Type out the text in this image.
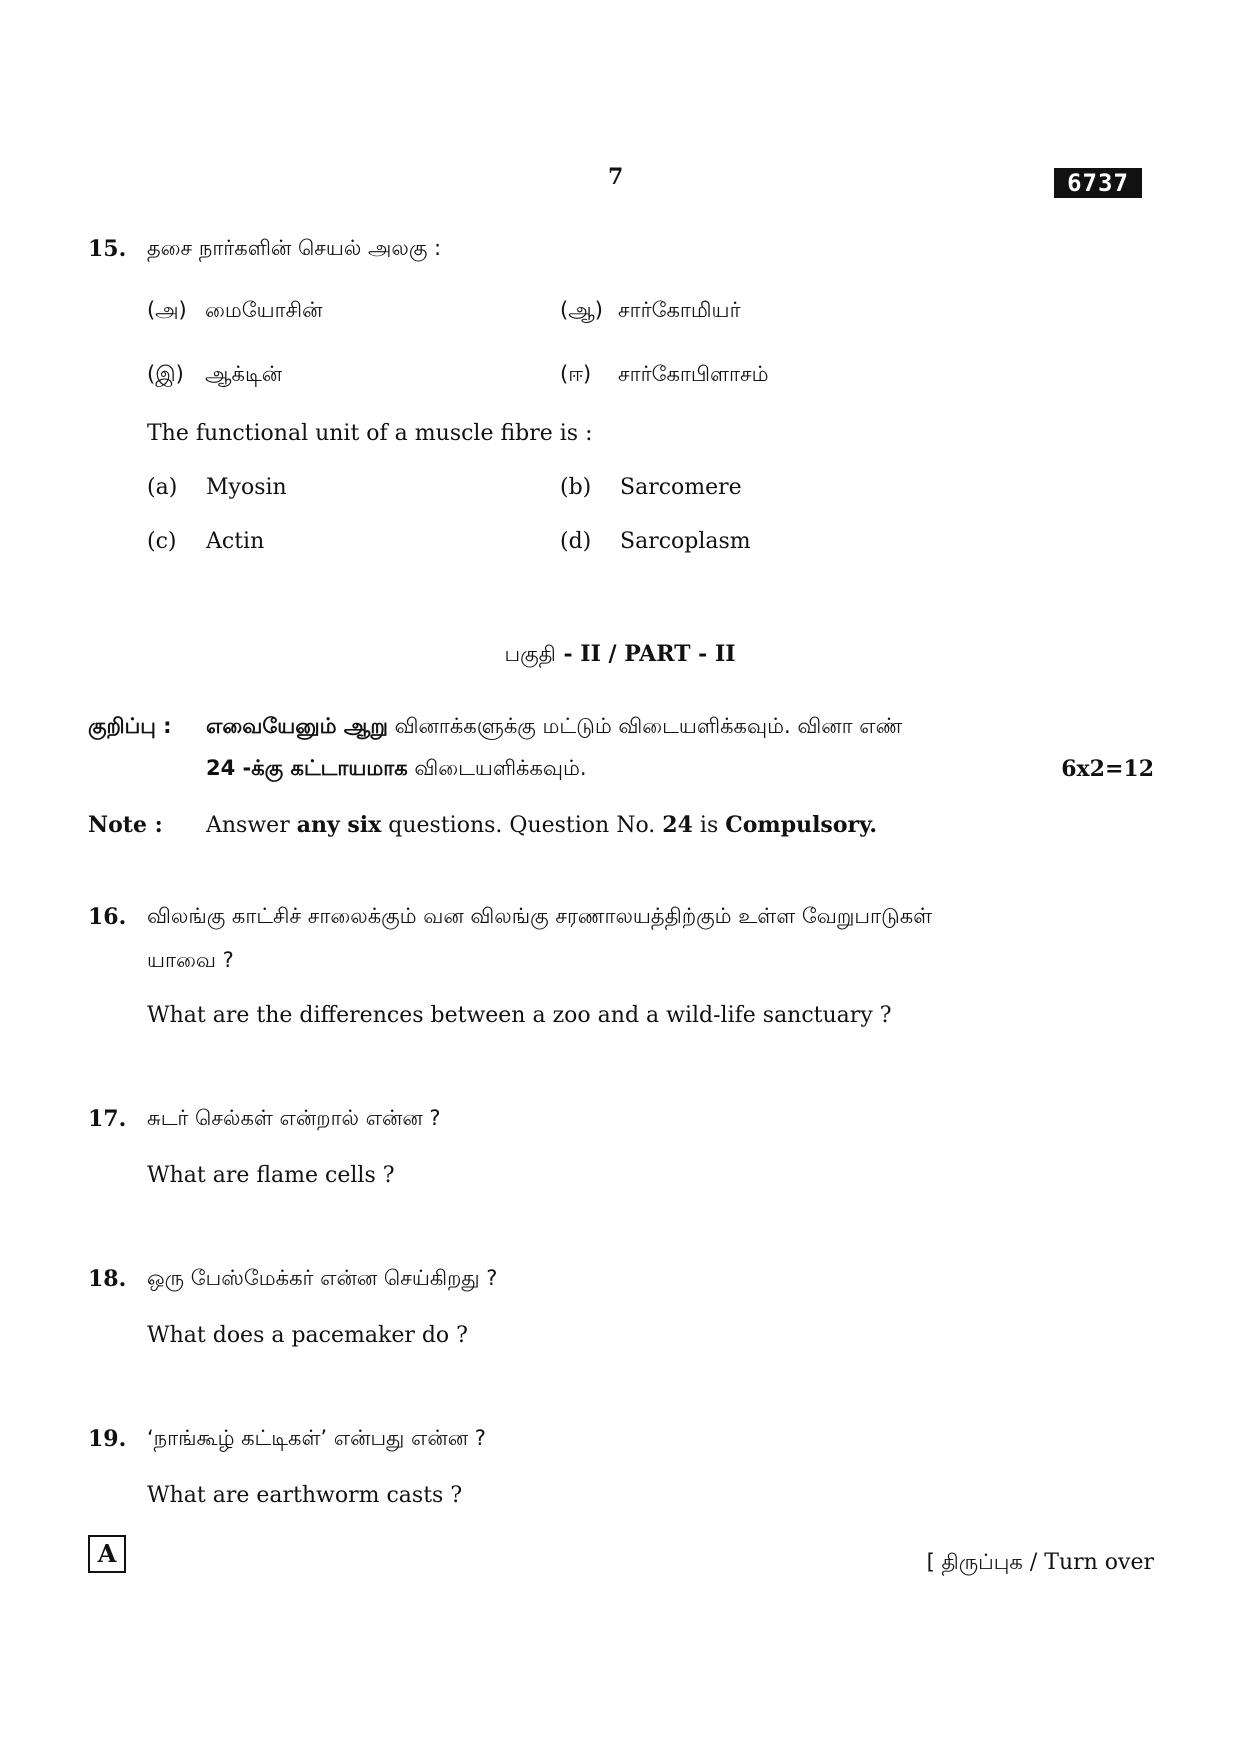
7	6737
15. தசை நார்களின் செயல் அலகு :
(அ) மையோசின்	(ஆ) சார்கோமியர்
(இ) ஆக்டின்	(ஈ) சார்கோபிளாசம்
The functional unit of a muscle fibre is :
(a) Myosin	(b) Sarcomere
(c) Actin	(d) Sarcoplasm
பகுதி - II / PART - II
குறிப்பு : எவையேனும் ஆறு வினாக்களுக்கு மட்டும் விடையளிக்கவும். வினா எண்
24 -க்கு கட்டாயமாக விடையளிக்கவும்.	6x2=12
Note : Answer any six questions. Question No. 24 is Compulsory.
16. விலங்கு காட்சிச் சாலைக்கும் வன விலங்கு சரணாலயத்திற்கும் உள்ள வேறுபாடுகள்
யாவை ?
What are the differences between a zoo and a wild-life sanctuary ?
17. சுடர் செல்கள் என்றால் என்ன ?
What are flame cells ?
18. ஒரு பேஸ்மேக்கர் என்ன செய்கிறது ?
What does a pacemaker do ?
19. ‘நாங்கூழ் கட்டிகள்’ என்பது என்ன ?
What are earthworm casts ?
A	[ திருப்புக / Turn over
